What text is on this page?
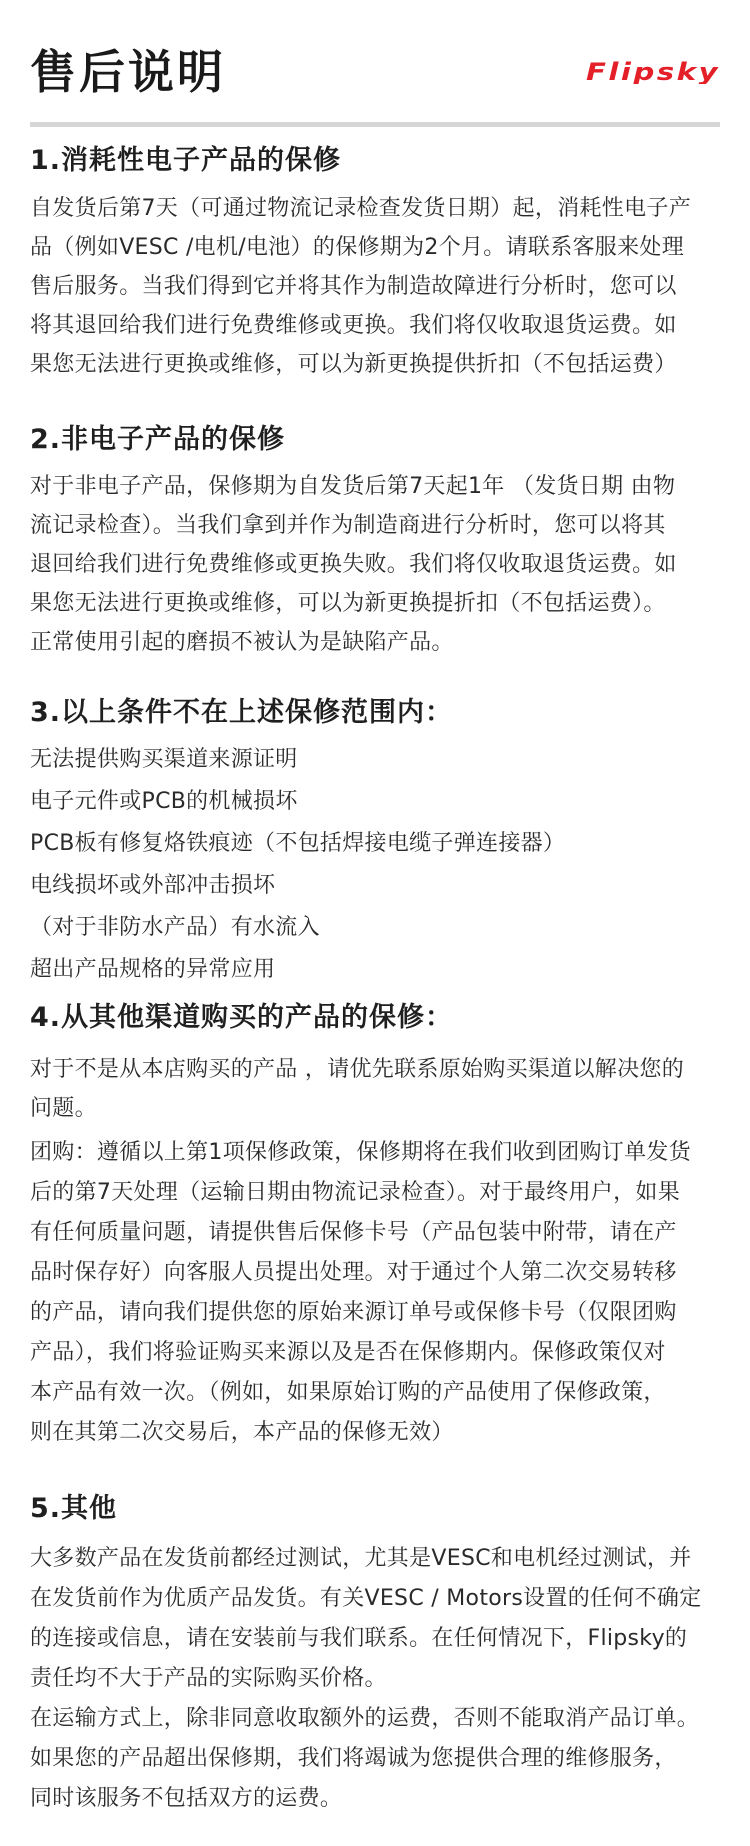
售后说明	Flipsky
1.消耗性电子产品的保修

自发货后第7天（可通过物流记录检查发货日期）起，消耗性电子产

品（例如VESC /电机/电池）的保修期为2个月。请联系客服来处理

售后服务。当我们得到它并将其作为制造故障进行分析时，您可以

将其退回给我们进行免费维修或更换。我们将仅收取退货运费。如

果您无法进行更换或维修，可以为新更换提供折扣（不包括运费）

2.非电子产品的保修

对于非电子产品，保修期为自发货后第7天起1年 （发货日期 由物

流记录检查）。当我们拿到并作为制造商进行分析时，您可以将其

退回给我们进行免费维修或更换失败。我们将仅收取退货运费。如

果您无法进行更换或维修，可以为新更换提折扣（不包括运费）。

正常使用引起的磨损不被认为是缺陷产品。

3.以上条件不在上述保修范围内：

无法提供购买渠道来源证明

电子元件或PCB的机械损坏

PCB板有修复烙铁痕迹（不包括焊接电缆子弹连接器）

电线损坏或外部冲击损坏

（对于非防水产品）有水流入

超出产品规格的异常应用

4.从其他渠道购买的产品的保修：

对于不是从本店购买的产品 ，请优先联系原始购买渠道以解决您的

问题。

团购：遵循以上第1项保修政策，保修期将在我们收到团购订单发货

后的第7天处理（运输日期由物流记录检查）。对于最终用户，如果

有任何质量问题，请提供售后保修卡号（产品包装中附带，请在产

品时保存好）向客服人员提出处理。对于通过个人第二次交易转移

的产品，请向我们提供您的原始来源订单号或保修卡号（仅限团购

产品），我们将验证购买来源以及是否在保修期内。保修政策仅对

本产品有效一次。（例如，如果原始订购的产品使用了保修政策，

则在其第二次交易后，本产品的保修无效）

5.其他

大多数产品在发货前都经过测试，尤其是VESC和电机经过测试，并

在发货前作为优质产品发货。有关VESC / Motors设置的任何不确定

的连接或信息，请在安装前与我们联系。在任何情况下，Flipsky的

责任均不大于产品的实际购买价格。

在运输方式上，除非同意收取额外的运费，否则不能取消产品订单。

如果您的产品超出保修期，我们将竭诚为您提供合理的维修服务，

同时该服务不包括双方的运费。
